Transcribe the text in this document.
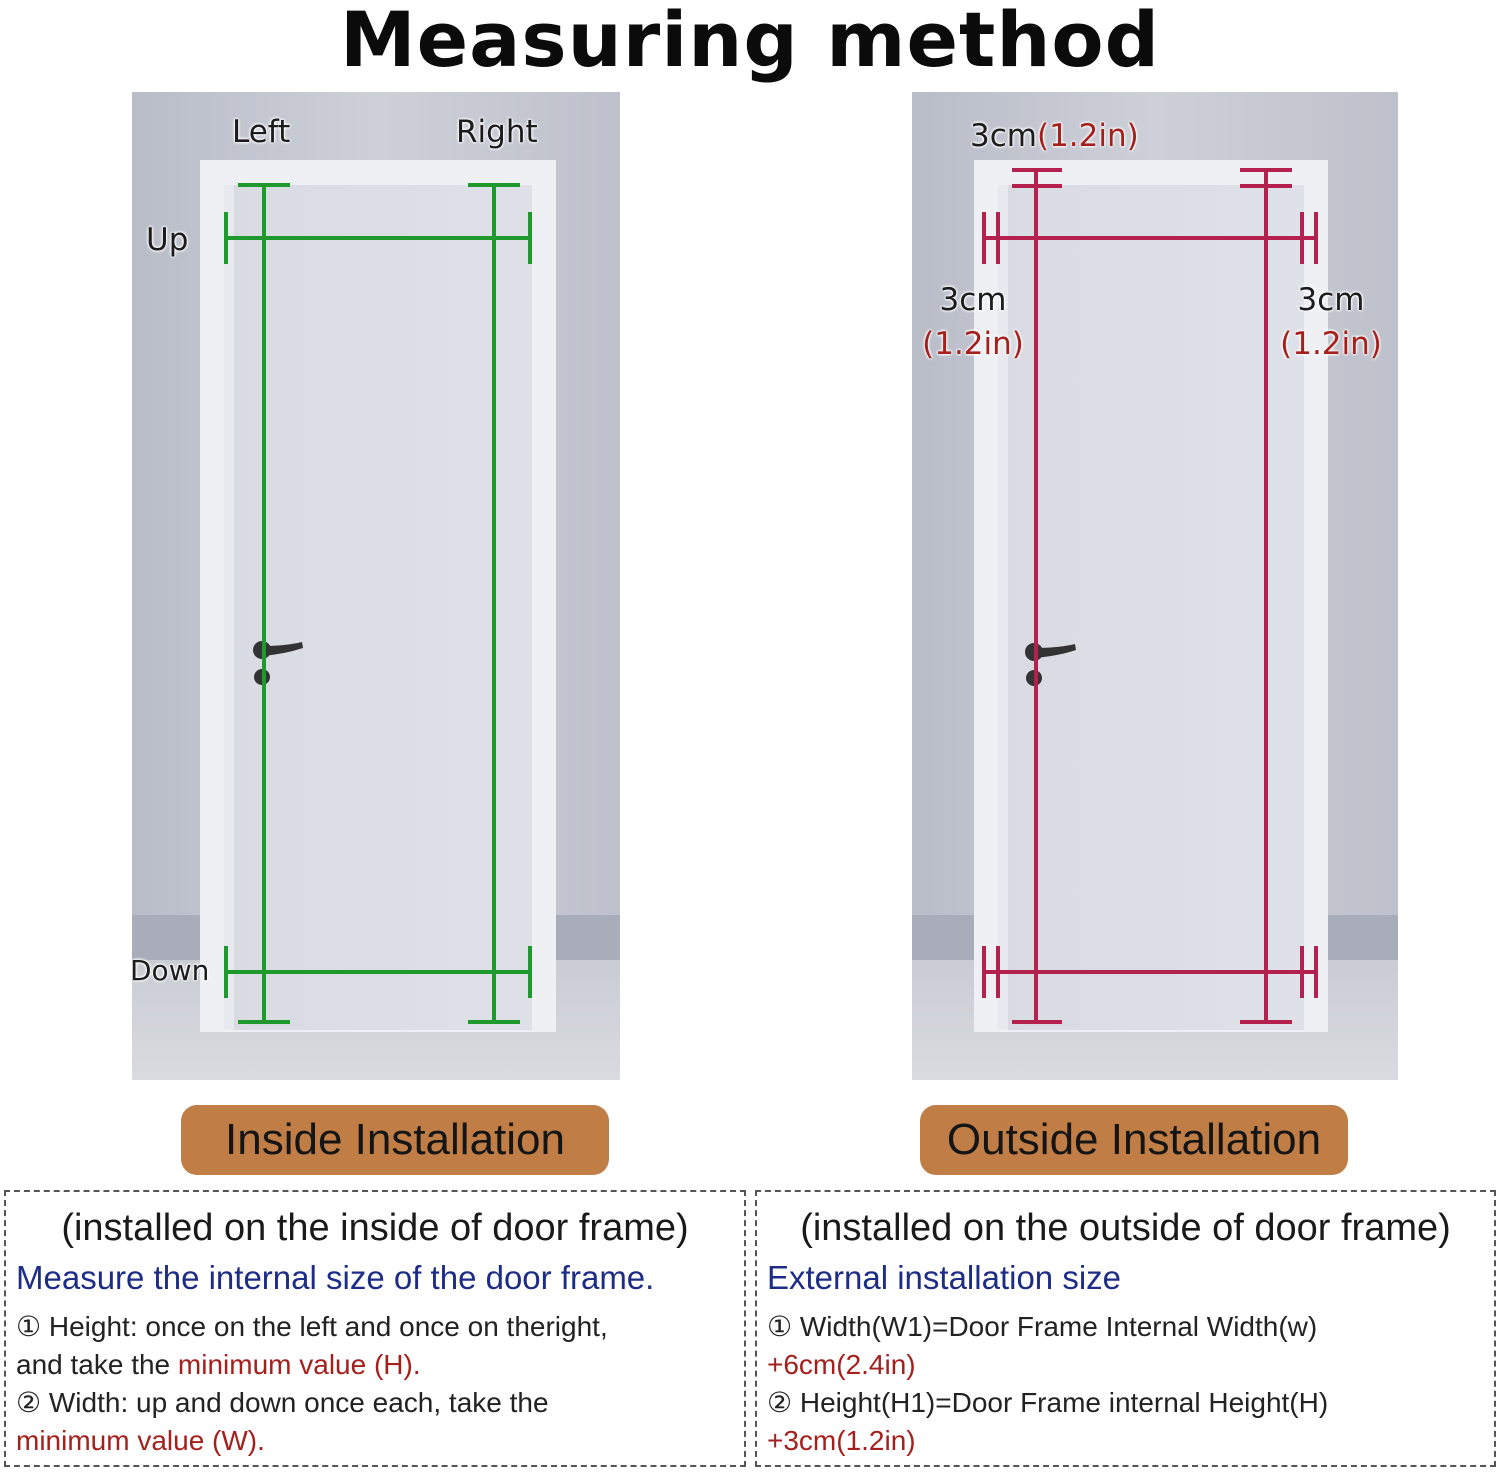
Measuring method
Left	Right
Up
Down
3cm(1.2in)
3cm
(1.2in)
3cm
(1.2in)
Inside Installation	Outside Installation
(installed on the inside of door frame)
Measure the internal size of the door frame.
① Height: once on the left and once on theright,
and take the minimum value (H).
② Width: up and down once each, take the
minimum value (W).
(installed on the outside of door frame)
External installation size
① Width(W1)=Door Frame Internal Width(w)
+6cm(2.4in)
② Height(H1)=Door Frame internal Height(H)
+3cm(1.2in)
